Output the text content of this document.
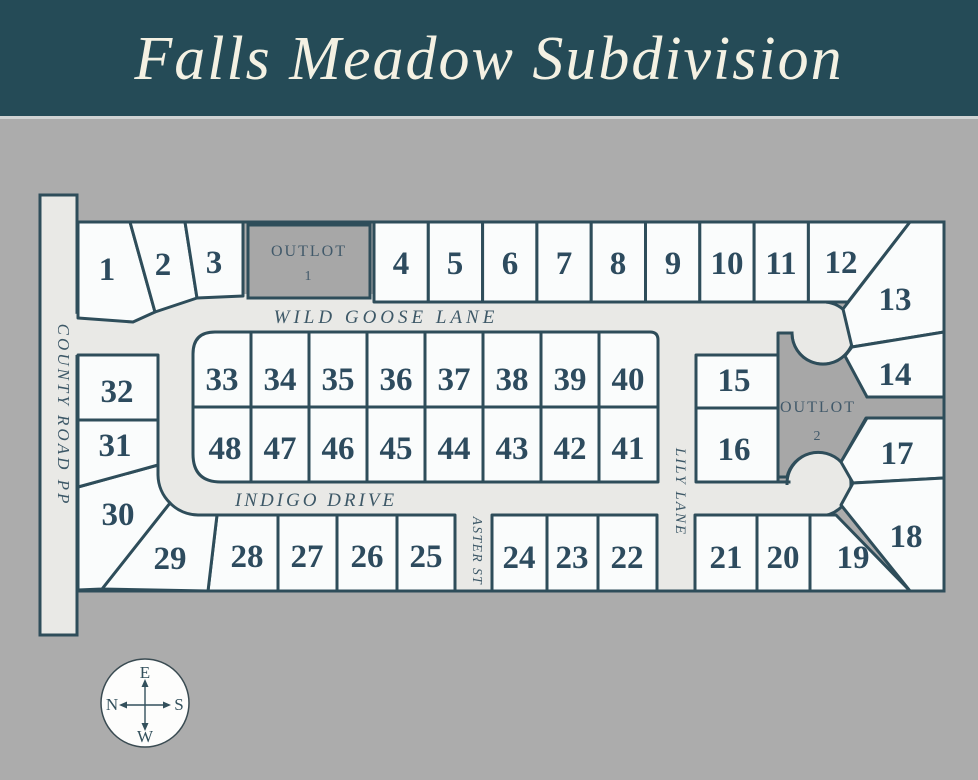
Falls Meadow Subdivision
WILD GOOSE LANE
INDIGO DRIVE
COUNTY ROAD PP	LILY LANE
ASTER ST
OUTLOT
1
OUTLOT
2
1 2 3	4 5 6 7 8 9 10 11 12
13
14
15
16	17
18
19
20
21
22
23
24
25
26
27
28
29
30
31
32 33 34 35 36 37 38 39 40
41
42
43
44
45
46
47
48
E
S
W
N
